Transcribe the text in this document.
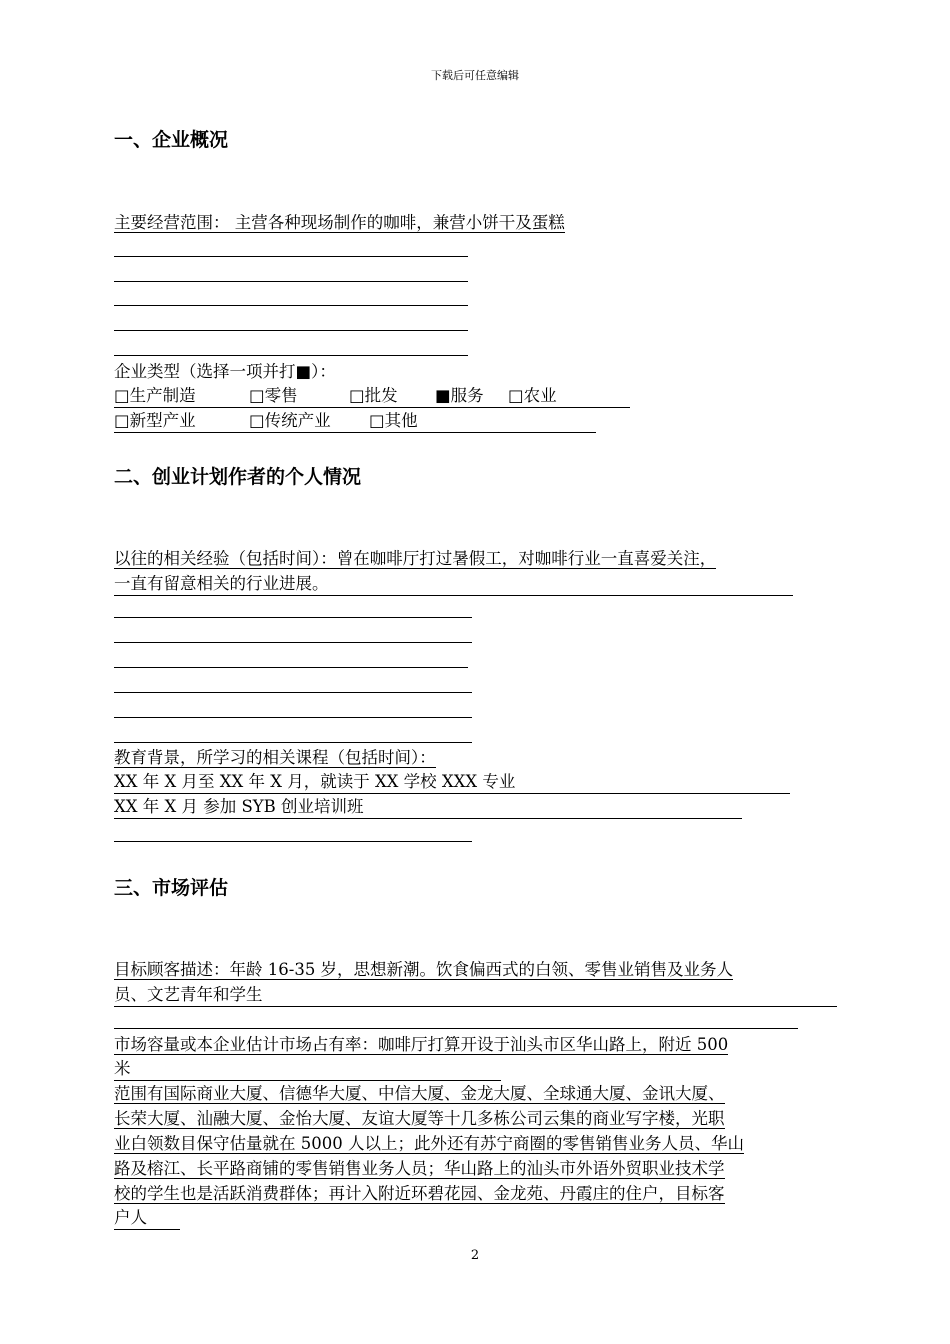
下载后可任意编辑
一、企业概况
主要经营范围： 主营各种现场制作的咖啡，兼营小饼干及蛋糕
企业类型（选择一项并打■）：
□生产制造	□零售	□批发 ■服务 □农业
□新型产业	□传统产业 □其他
二、创业计划作者的个人情况
以往的相关经验（包括时间）：曾在咖啡厅打过暑假工，对咖啡行业一直喜爱关注，
一直有留意相关的行业进展。
教育背景，所学习的相关课程（包括时间）：
XX 年 X 月至 XX 年 X 月，就读于 XX 学校 XXX 专业
XX 年 X 月 参加 SYB 创业培训班
三、市场评估
目标顾客描述：年龄 16-35 岁，思想新潮。饮食偏西式的白领、零售业销售及业务人
员、文艺青年和学生
市场容量或本企业估计市场占有率：咖啡厅打算开设于汕头市区华山路上，附近 500
米
范围有国际商业大厦、信德华大厦、中信大厦、金龙大厦、全球通大厦、金讯大厦、
长荣大厦、汕融大厦、金怡大厦、友谊大厦等十几多栋公司云集的商业写字楼，光职
业白领数目保守估量就在 5000 人以上；此外还有苏宁商圈的零售销售业务人员、华山
路及榕江、长平路商铺的零售销售业务人员；华山路上的汕头市外语外贸职业技术学
校的学生也是活跃消费群体；再计入附近环碧花园、金龙苑、丹霞庄的住户，目标客
户人
2
